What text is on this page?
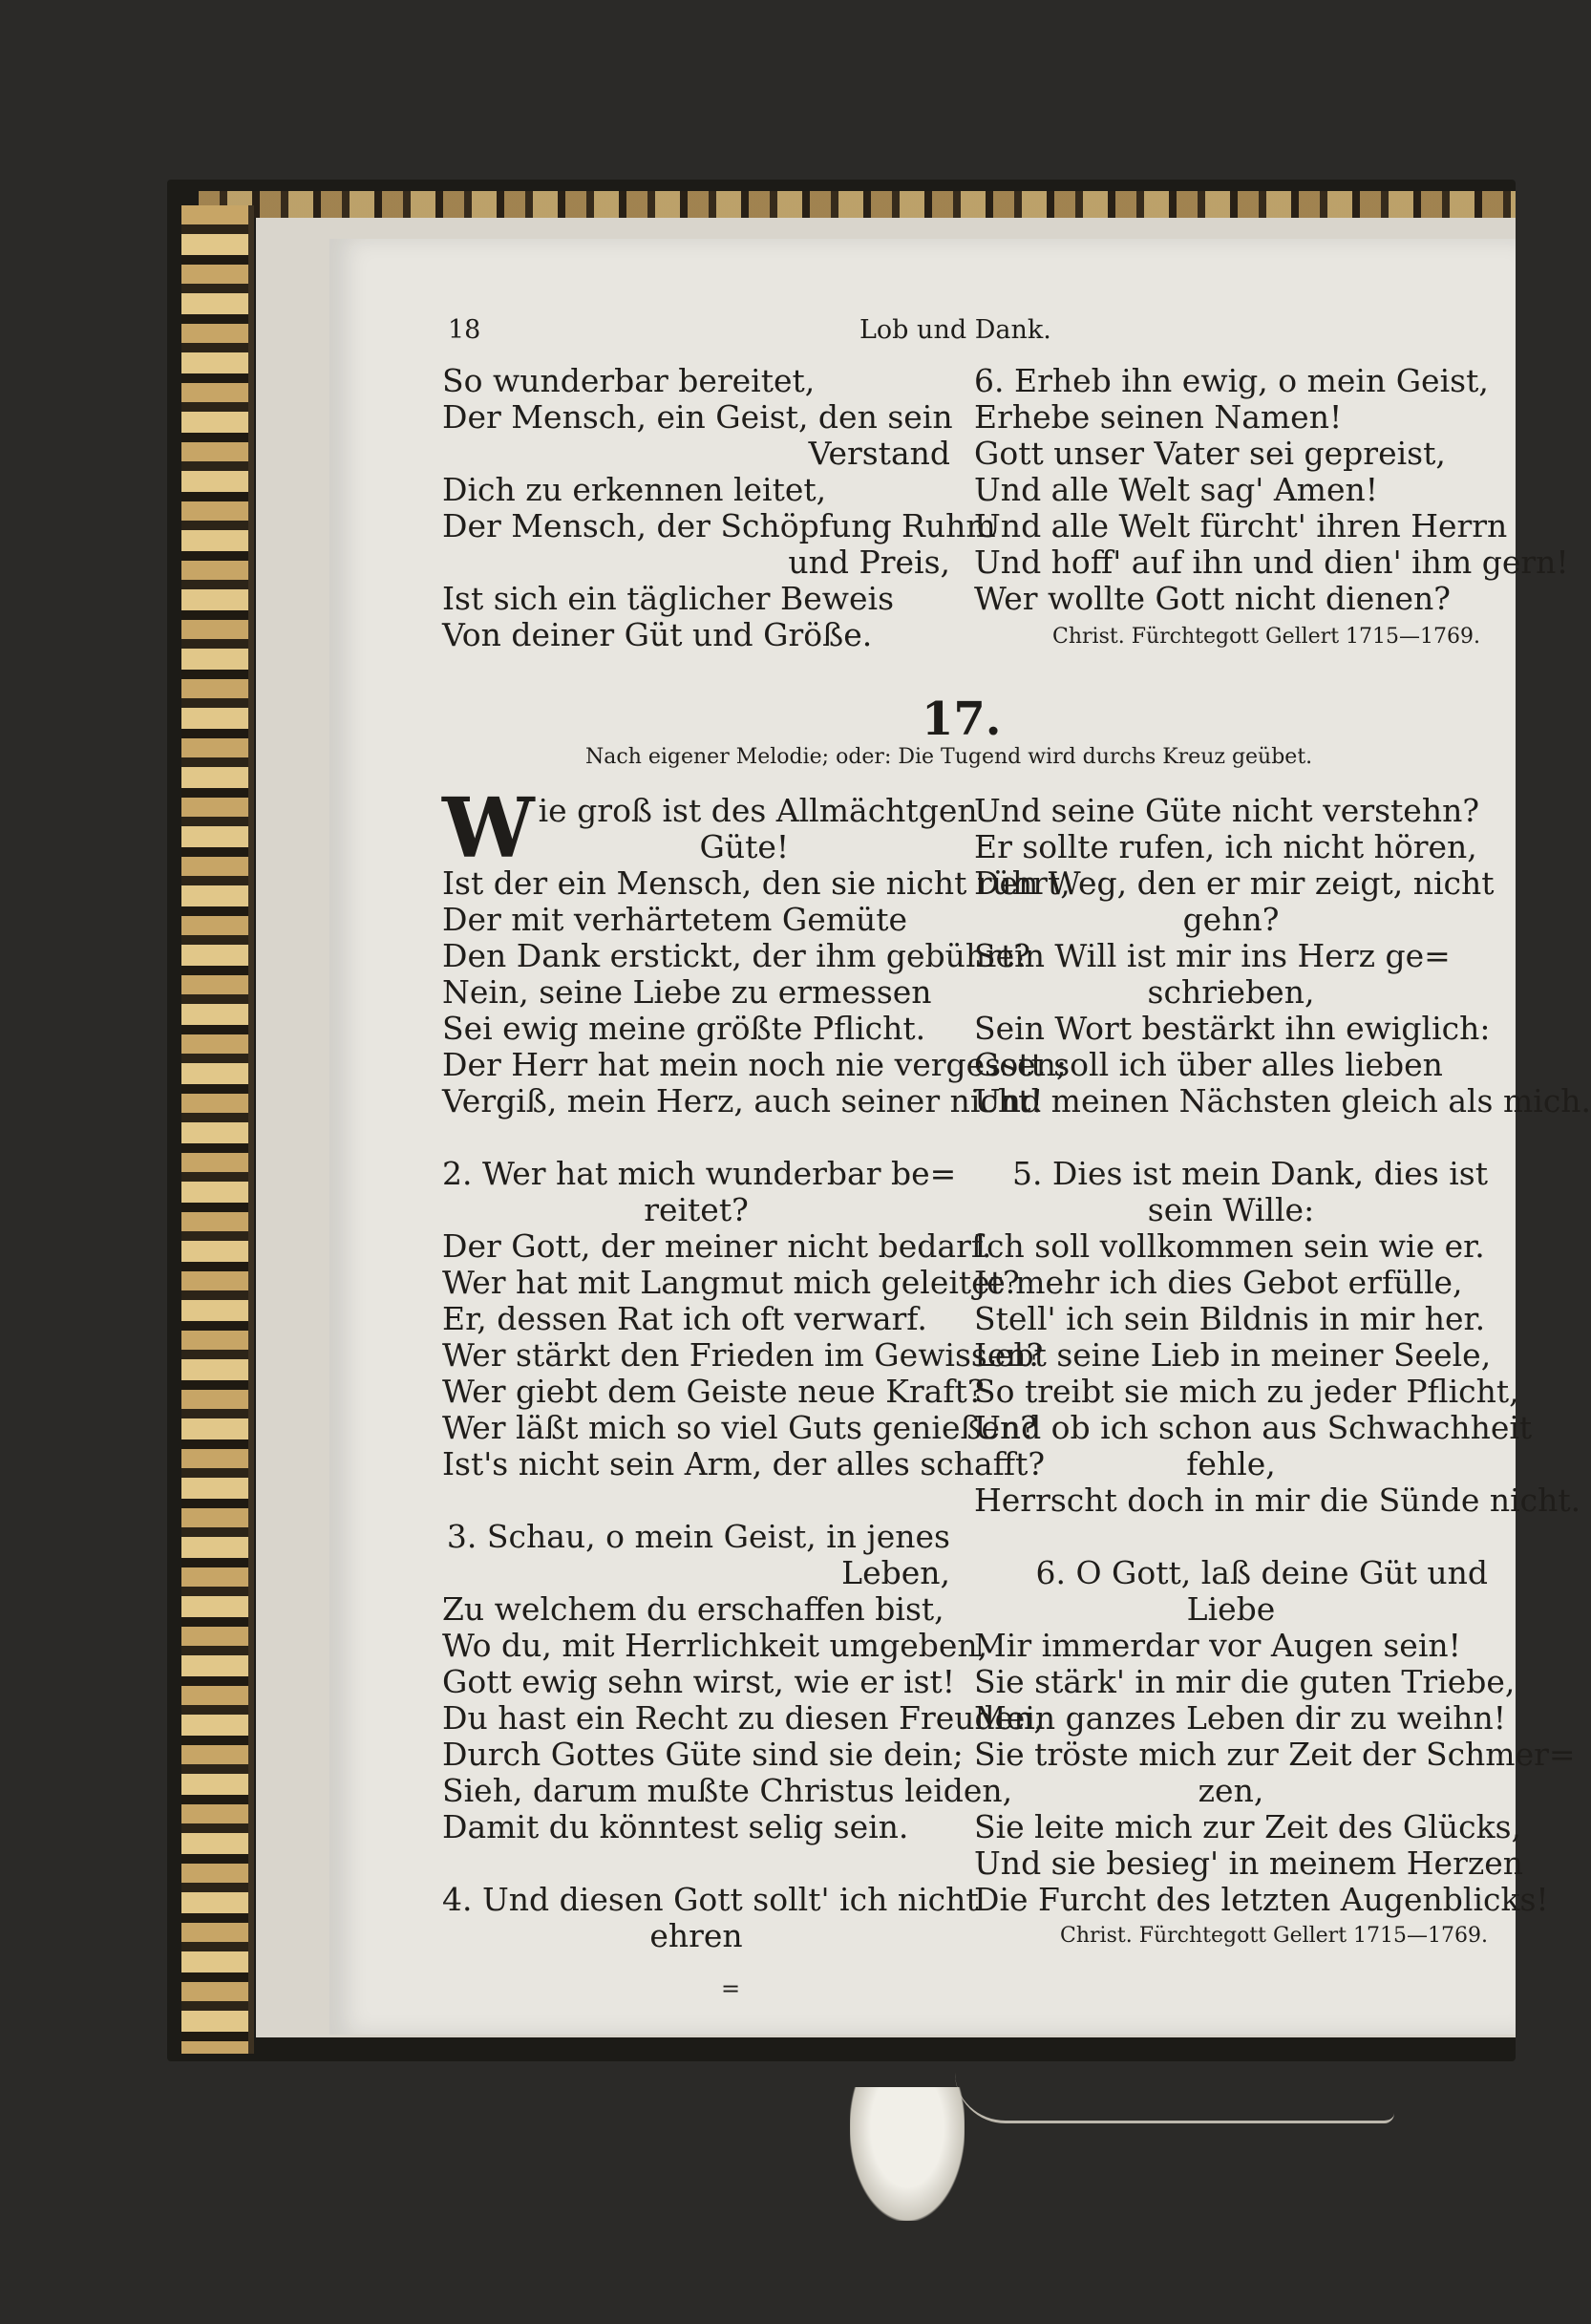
18	Lob und Dank.
So wunderbar bereitet,
Der Mensch, ein Geist, den sein
Verstand
Dich zu erkennen leitet,
Der Mensch, der Schöpfung Ruhm
und Preis,
Ist sich ein täglicher Beweis
Von deiner Güt und Größe.
6. Erheb ihn ewig, o mein Geist,
Erhebe seinen Namen!
Gott unser Vater sei gepreist,
Und alle Welt sag' Amen!
Und alle Welt fürcht' ihren Herrn
Und hoff' auf ihn und dien' ihm gern!
Wer wollte Gott nicht dienen?
Christ. Fürchtegott Gellert 1715—1769.
17.
Nach eigener Melodie; oder: Die Tugend wird durchs Kreuz geübet.
W ie groß ist des Allmächtgen
Güte!
Ist der ein Mensch, den sie nicht rührt,
Der mit verhärtetem Gemüte
Den Dank erstickt, der ihm gebührt?
Nein, seine Liebe zu ermessen
Sei ewig meine größte Pflicht.
Der Herr hat mein noch nie vergessen;
Vergiß, mein Herz, auch seiner nicht!
2. Wer hat mich wunderbar be=
reitet?
Der Gott, der meiner nicht bedarf.
Wer hat mit Langmut mich geleitet?
Er, dessen Rat ich oft verwarf.
Wer stärkt den Frieden im Gewissen?
Wer giebt dem Geiste neue Kraft?
Wer läßt mich so viel Guts genießen?
Ist's nicht sein Arm, der alles schafft?
3. Schau, o mein Geist, in jenes
Leben,
Zu welchem du erschaffen bist,
Wo du, mit Herrlichkeit umgeben,
Gott ewig sehn wirst, wie er ist!
Du hast ein Recht zu diesen Freuden,
Durch Gottes Güte sind sie dein;
Sieh, darum mußte Christus leiden,
Damit du könntest selig sein.
4. Und diesen Gott sollt' ich nicht
ehren
Und seine Güte nicht verstehn?
Er sollte rufen, ich nicht hören,
Den Weg, den er mir zeigt, nicht
gehn?
Sein Will ist mir ins Herz ge=
schrieben,
Sein Wort bestärkt ihn ewiglich:
Gott soll ich über alles lieben
Und meinen Nächsten gleich als mich.
5. Dies ist mein Dank, dies ist
sein Wille:
Ich soll vollkommen sein wie er.
Je mehr ich dies Gebot erfülle,
Stell' ich sein Bildnis in mir her.
Lebt seine Lieb in meiner Seele,
So treibt sie mich zu jeder Pflicht,
Und ob ich schon aus Schwachheit
fehle,
Herrscht doch in mir die Sünde nicht.
6. O Gott, laß deine Güt und
Liebe
Mir immerdar vor Augen sein!
Sie stärk' in mir die guten Triebe,
Mein ganzes Leben dir zu weihn!
Sie tröste mich zur Zeit der Schmer=
zen,
Sie leite mich zur Zeit des Glücks,
Und sie besieg' in meinem Herzen
Die Furcht des letzten Augenblicks!
Christ. Fürchtegott Gellert 1715—1769.
=
